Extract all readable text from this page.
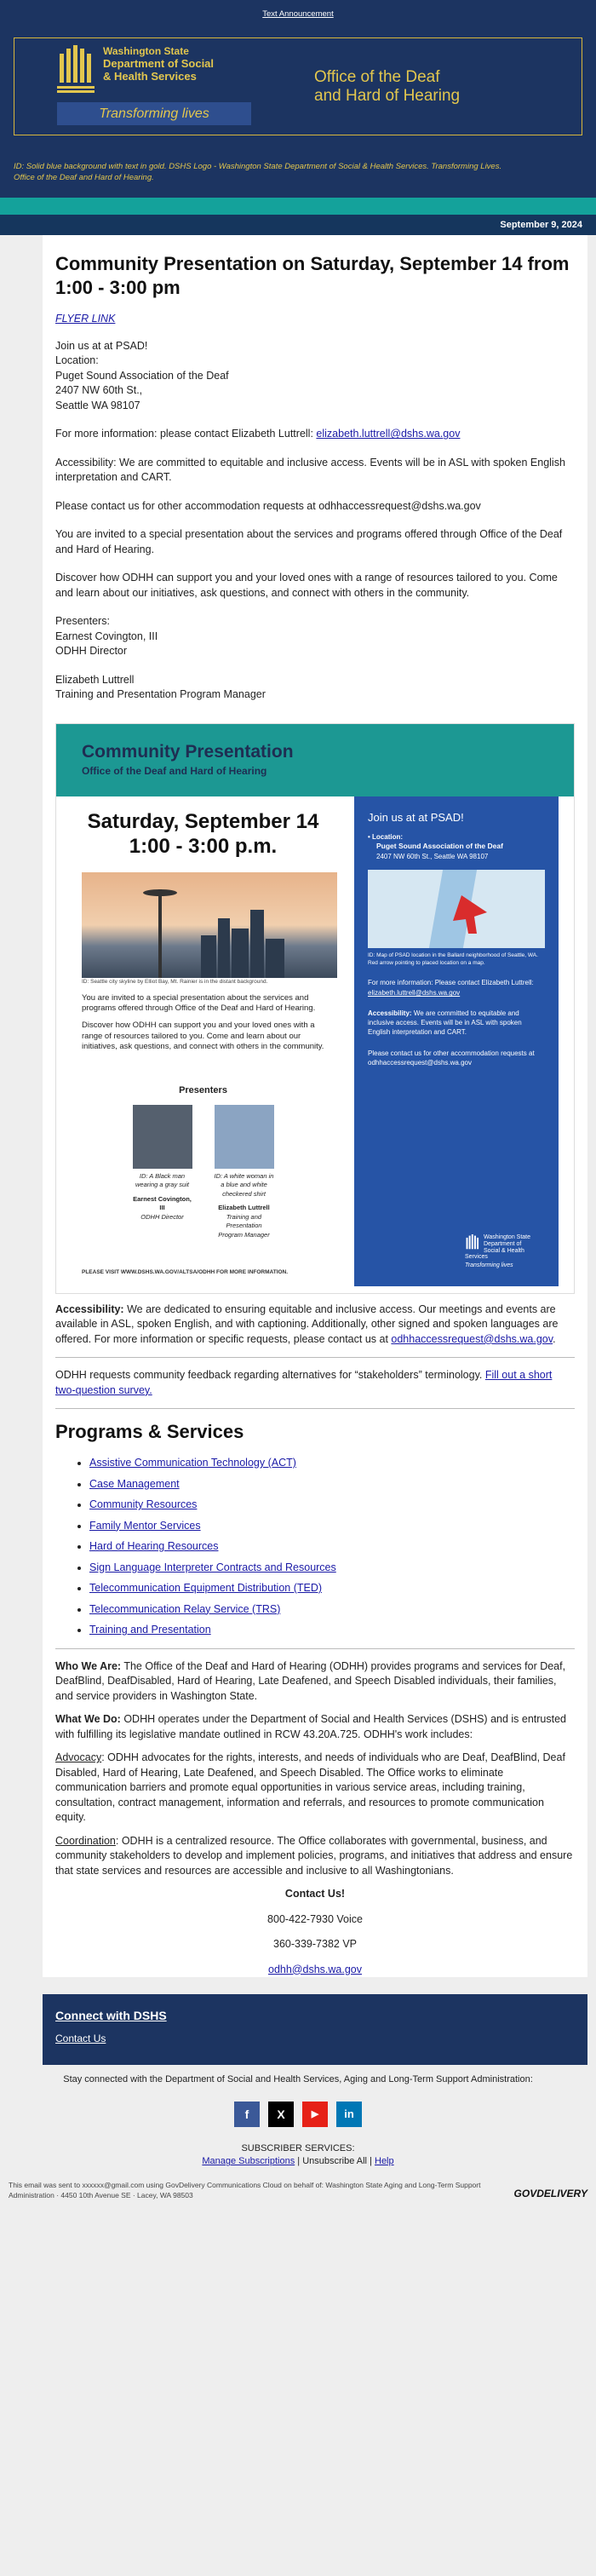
Text Announcement
Washington State
Department of Social
& Health Services
Transforming lives
Office of the Deaf
and Hard of Hearing
ID: Solid blue background with text in gold. DSHS Logo - Washington State Department of Social & Health Services. Transforming Lives. Office of the Deaf and Hard of Hearing.
September 9, 2024
Community Presentation on Saturday, September 14 from 1:00 - 3:00 pm
FLYER LINK

Join us at at PSAD!

Location:

Puget Sound Association of the Deaf

2407 NW 60th St.,

Seattle WA 98107

For more information: please contact Elizabeth Luttrell: elizabeth.luttrell@dshs.wa.gov

Accessibility: We are committed to equitable and inclusive access. Events will be in ASL with spoken English interpretation and CART.

Please contact us for other accommodation requests at odhhaccessrequest@dshs.wa.gov

You are invited to a special presentation about the services and programs offered through Office of the Deaf and Hard of Hearing.

Discover how ODHH can support you and your loved ones with a range of resources tailored to you. Come and learn about our initiatives, ask questions, and connect with others in the community.

Presenters:

Earnest Covington, III

ODHH Director

Elizabeth Luttrell

Training and Presentation Program Manager

Community Presentation
Office of the Deaf and Hard of Hearing
Saturday, September 14
1:00 - 3:00 p.m.
ID: Seattle city skyline by Elliot Bay, Mt. Rainier is in the distant background.
You are invited to a special presentation about the services and programs offered through Office of the Deaf and Hard of Hearing.
Discover how ODHH can support you and your loved ones with a range of resources tailored to you. Come and learn about our initiatives, ask questions, and connect with others in the community.
Presenters
ID: A Black man wearing a gray suit
Earnest Covington, III
ODHH Director
ID: A white woman in a blue and white checkered shirt
Elizabeth Luttrell
Training and Presentation Program Manager
PLEASE VISIT WWW.DSHS.WA.GOV/ALTSA/ODHH FOR MORE INFORMATION.
Join us at at PSAD!
• Location:
Puget Sound Association of the Deaf
2407 NW 60th St., Seattle WA 98107
ID: Map of PSAD location in the Ballard neighborhood of Seattle, WA. Red arrow pointing to placed location on a map.
For more information: Please contact Elizabeth Luttrell:
elizabeth.luttrell@dshs.wa.gov
Accessibility: We are committed to equitable and inclusive access. Events will be in ASL with spoken English interpretation and CART.
Please contact us for other accommodation requests at odhhaccessrequest@dshs.wa.gov
Washington State Department of Social & Health Services
Transforming lives

Accessibility: We are dedicated to ensuring equitable and inclusive access. Our meetings and events are available in ASL, spoken English, and with captioning. Additionally, other signed and spoken languages are offered. For more information or specific requests, please contact us at odhhaccessrequest@dshs.wa.gov.

ODHH requests community feedback regarding alternatives for “stakeholders” terminology. Fill out a short two-question survey.

Programs & Services
• Assistive Communication Technology (ACT)
• Case Management
• Community Resources
• Family Mentor Services
• Hard of Hearing Resources
• Sign Language Interpreter Contracts and Resources
• Telecommunication Equipment Distribution (TED)
• Telecommunication Relay Service (TRS)
• Training and Presentation

Who We Are: The Office of the Deaf and Hard of Hearing (ODHH) provides programs and services for Deaf, DeafBlind, DeafDisabled, Hard of Hearing, Late Deafened, and Speech Disabled individuals, their families, and service providers in Washington State.

What We Do: ODHH operates under the Department of Social and Health Services (DSHS) and is entrusted with fulfilling its legislative mandate outlined in RCW 43.20A.725. ODHH's work includes:

Advocacy: ODHH advocates for the rights, interests, and needs of individuals who are Deaf, DeafBlind, Deaf Disabled, Hard of Hearing, Late Deafened, and Speech Disabled. The Office works to eliminate communication barriers and promote equal opportunities in various service areas, including training, consultation, contract management, information and referrals, and resources to promote communication equity.

Coordination: ODHH is a centralized resource. The Office collaborates with governmental, business, and community stakeholders to develop and implement policies, programs, and initiatives that address and ensure that state services and resources are accessible and inclusive to all Washingtonians.

Contact Us!
800-422-7930 Voice
360-339-7382 VP
odhh@dshs.wa.gov
Connect with DSHS
Contact Us
Stay connected with the Department of Social and Health Services, Aging and Long-Term Support Administration:
f	X	▶	in
SUBSCRIBER SERVICES:
Manage Subscriptions | Unsubscribe All | Help
This email was sent to xxxxxx@gmail.com using GovDelivery Communications Cloud on behalf of: Washington State Aging and Long-Term Support Administration · 4450 10th Avenue SE · Lacey, WA 98503	GOVDELIVERY
